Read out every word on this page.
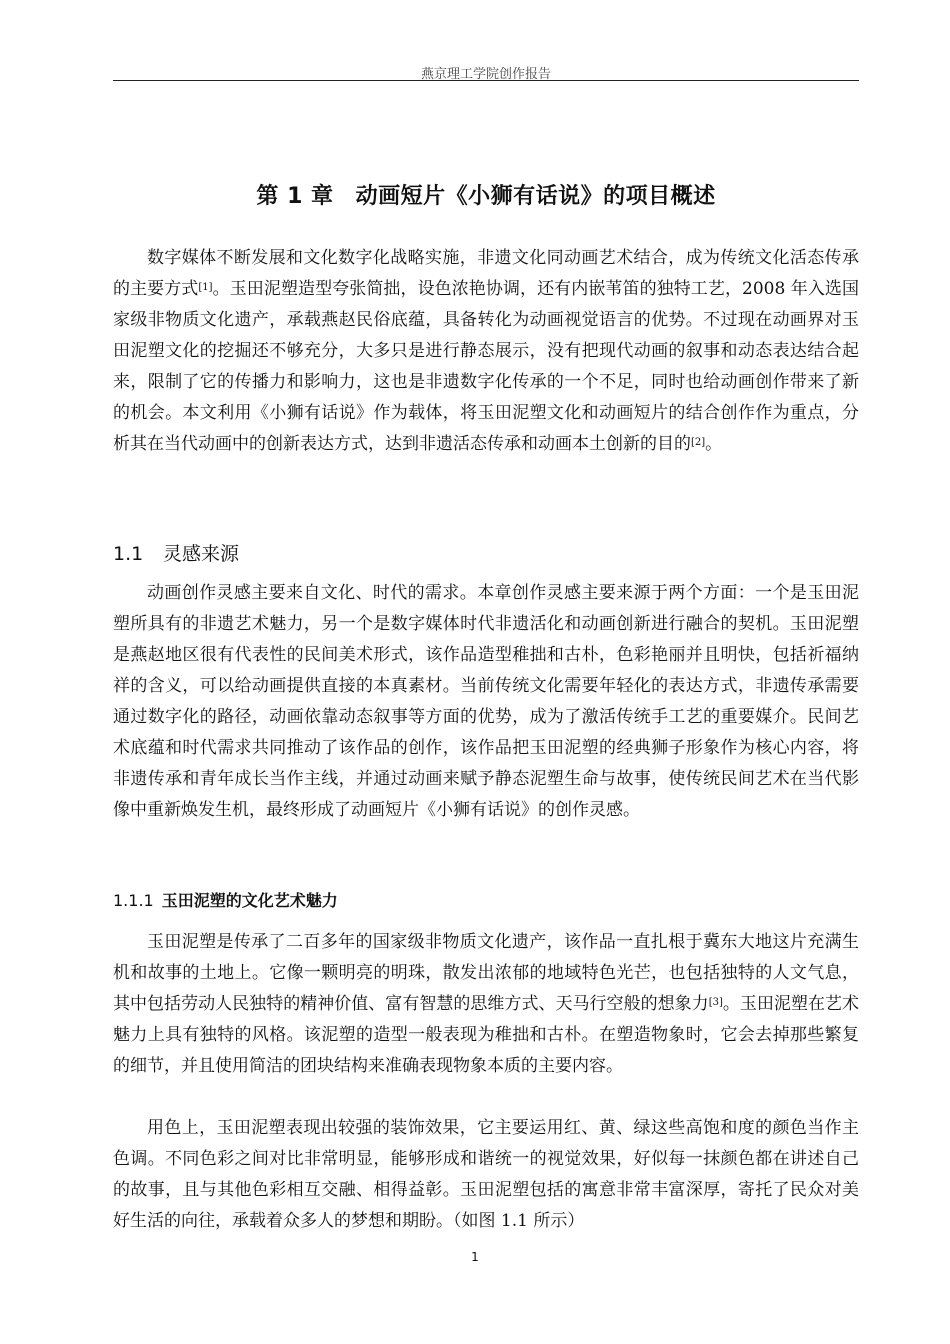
燕京理工学院创作报告
第 1 章 动画短片《小狮有话说》的项目概述

数字媒体不断发展和文化数字化战略实施，非遗文化同动画艺术结合，成为传统文化活态传承的主要方式[1]。玉田泥塑造型夸张简拙，设色浓艳协调，还有内嵌苇笛的独特工艺，2008 年入选国家级非物质文化遗产，承载燕赵民俗底蕴，具备转化为动画视觉语言的优势。不过现在动画界对玉田泥塑文化的挖掘还不够充分，大多只是进行静态展示，没有把现代动画的叙事和动态表达结合起来，限制了它的传播力和影响力，这也是非遗数字化传承的一个不足，同时也给动画创作带来了新的机会。本文利用《小狮有话说》作为载体，将玉田泥塑文化和动画短片的结合创作作为重点，分析其在当代动画中的创新表达方式，达到非遗活态传承和动画本土创新的目的[2]。

1.1 灵感来源

动画创作灵感主要来自文化、时代的需求。本章创作灵感主要来源于两个方面：一个是玉田泥塑所具有的非遗艺术魅力，另一个是数字媒体时代非遗活化和动画创新进行融合的契机。玉田泥塑是燕赵地区很有代表性的民间美术形式，该作品造型稚拙和古朴，色彩艳丽并且明快，包括祈福纳祥的含义，可以给动画提供直接的本真素材。当前传统文化需要年轻化的表达方式，非遗传承需要通过数字化的路径，动画依靠动态叙事等方面的优势，成为了激活传统手工艺的重要媒介。民间艺术底蕴和时代需求共同推动了该作品的创作，该作品把玉田泥塑的经典狮子形象作为核心内容，将非遗传承和青年成长当作主线，并通过动画来赋予静态泥塑生命与故事，使传统民间艺术在当代影像中重新焕发生机，最终形成了动画短片《小狮有话说》的创作灵感。

1.1.1 玉田泥塑的文化艺术魅力

玉田泥塑是传承了二百多年的国家级非物质文化遗产，该作品一直扎根于冀东大地这片充满生机和故事的土地上。它像一颗明亮的明珠，散发出浓郁的地域特色光芒，也包括独特的人文气息，其中包括劳动人民独特的精神价值、富有智慧的思维方式、天马行空般的想象力[3]。玉田泥塑在艺术魅力上具有独特的风格。该泥塑的造型一般表现为稚拙和古朴。在塑造物象时，它会去掉那些繁复的细节，并且使用简洁的团块结构来准确表现物象本质的主要内容。

用色上，玉田泥塑表现出较强的装饰效果，它主要运用红、黄、绿这些高饱和度的颜色当作主色调。不同色彩之间对比非常明显，能够形成和谐统一的视觉效果，好似每一抹颜色都在讲述自己的故事，且与其他色彩相互交融、相得益彰。玉田泥塑包括的寓意非常丰富深厚，寄托了民众对美好生活的向往，承载着众多人的梦想和期盼。（如图 1.1 所示）

1
